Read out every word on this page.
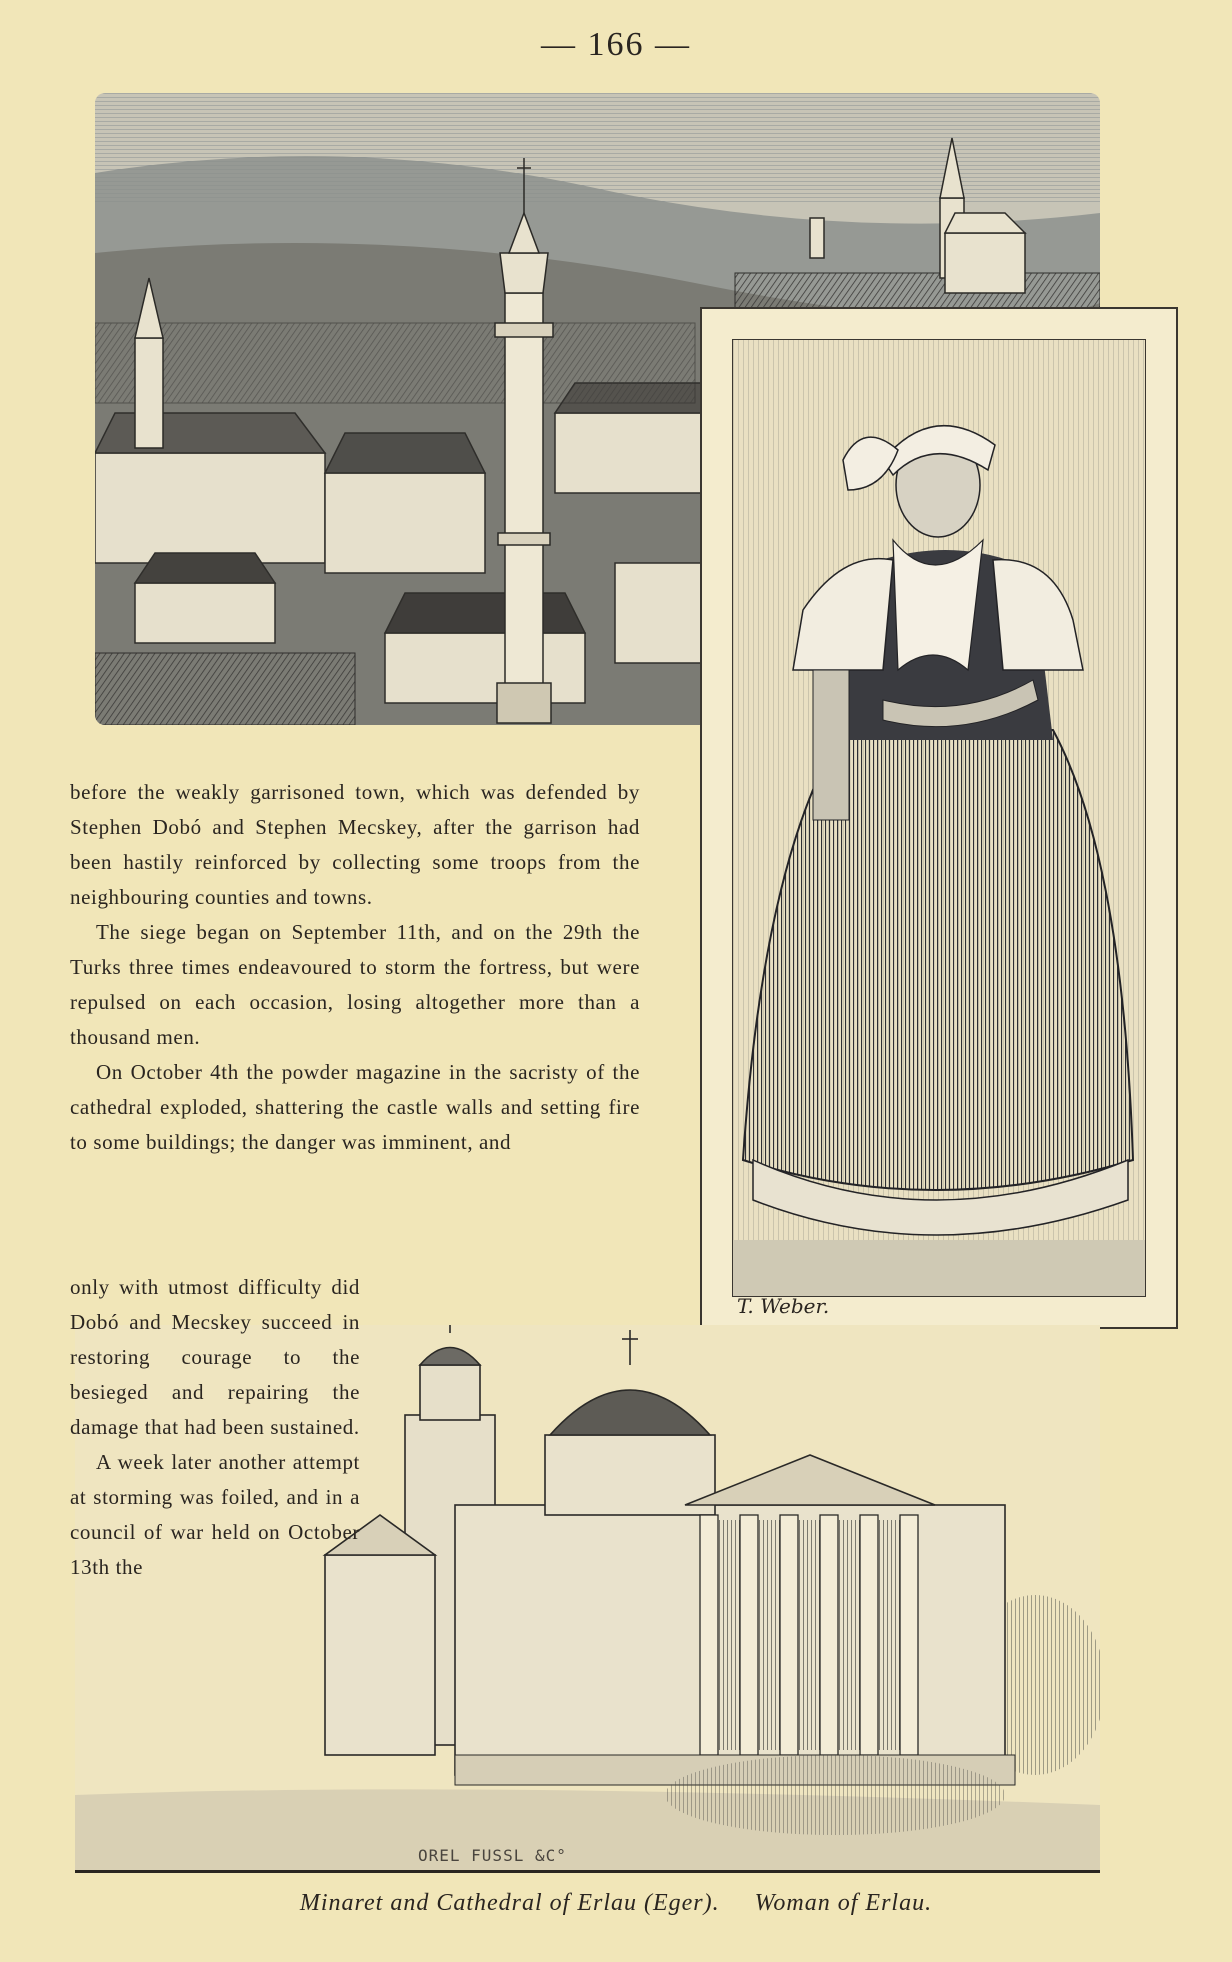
— 166 —
T. Weber.

before the weakly garrisoned town, which was defended by Stephen Dobó and Stephen Mecskey, after the garrison had been hastily reinforced by collecting some troops from the neighbouring counties and towns.

The siege began on September 11th, and on the 29th the Turks three times endeavoured to storm the fortress, but were repulsed on each occasion, losing altogether more than a thousand men.

On October 4th the powder magazine in the sacristy of the cathedral exploded, shattering the castle walls and setting fire to some buildings; the danger was imminent, and

only with utmost difficulty did Dobó and Mecskey succeed in restoring courage to the besieged and repairing the damage that had been sustained.

A week later another attempt at storming was foiled, and in a council of war held on October 13th the

OREL FUSSL &C°
Minaret and Cathedral of Erlau (Eger). Woman of Erlau.
